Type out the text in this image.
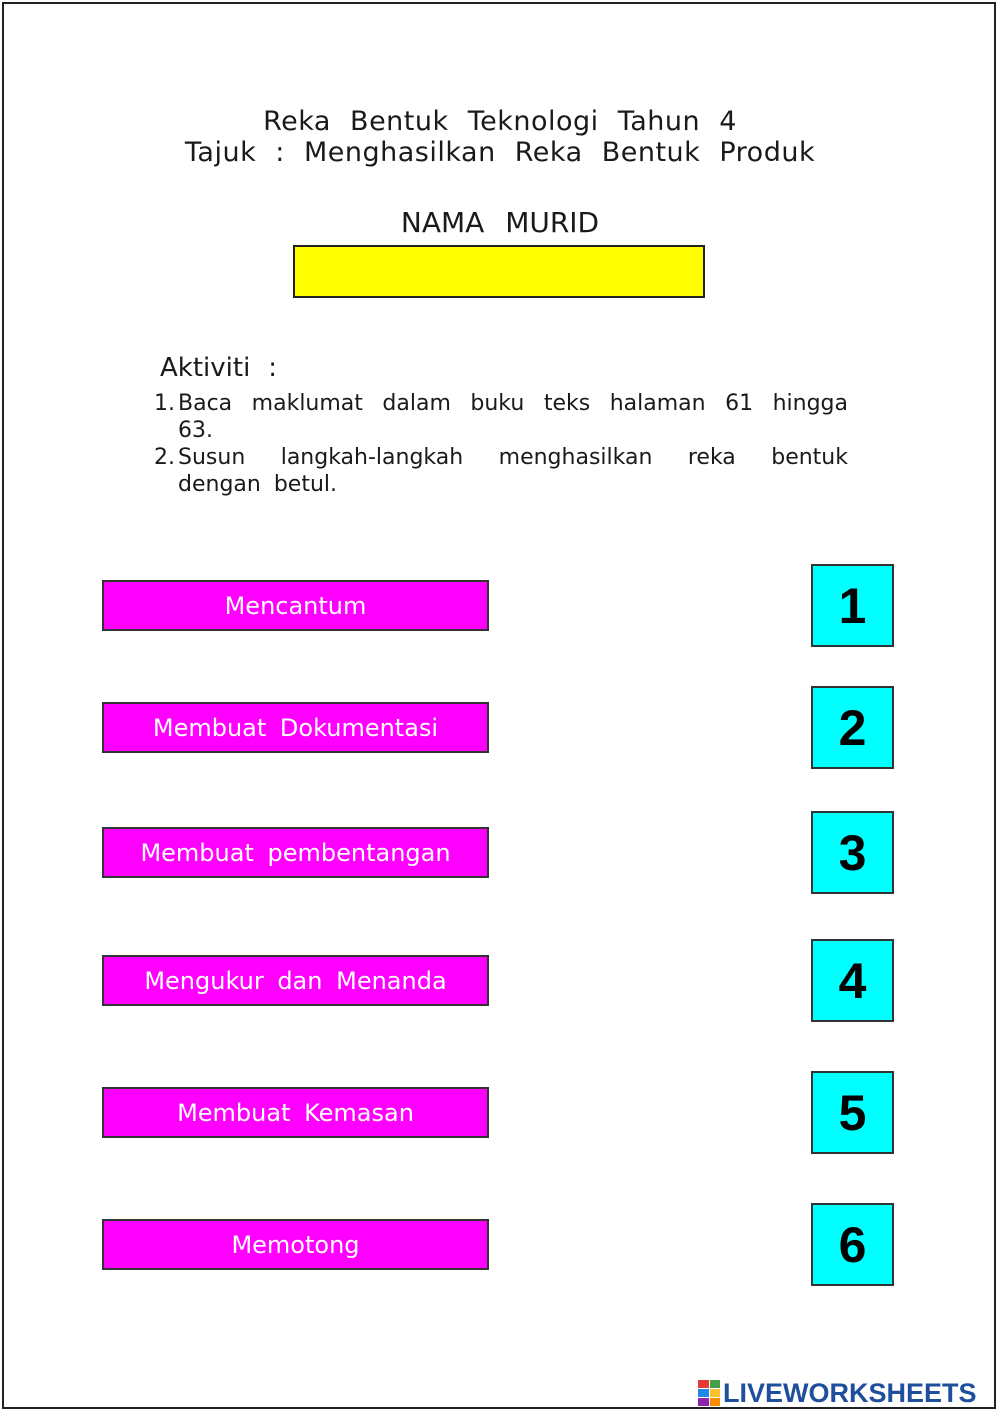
Reka Bentuk Teknologi Tahun 4
Tajuk : Menghasilkan Reka Bentuk Produk
NAMA MURID
Aktiviti :
1. Baca maklumat dalam buku teks halaman 61 hingga 63.
2. Susun langkah-langkah menghasilkan reka bentuk dengan betul.
Mencantum
Membuat Dokumentasi
Membuat pembentangan
Mengukur dan Menanda
Membuat Kemasan
Memotong
1
2
3
4
5
6
LIVEWORKSHEETS
